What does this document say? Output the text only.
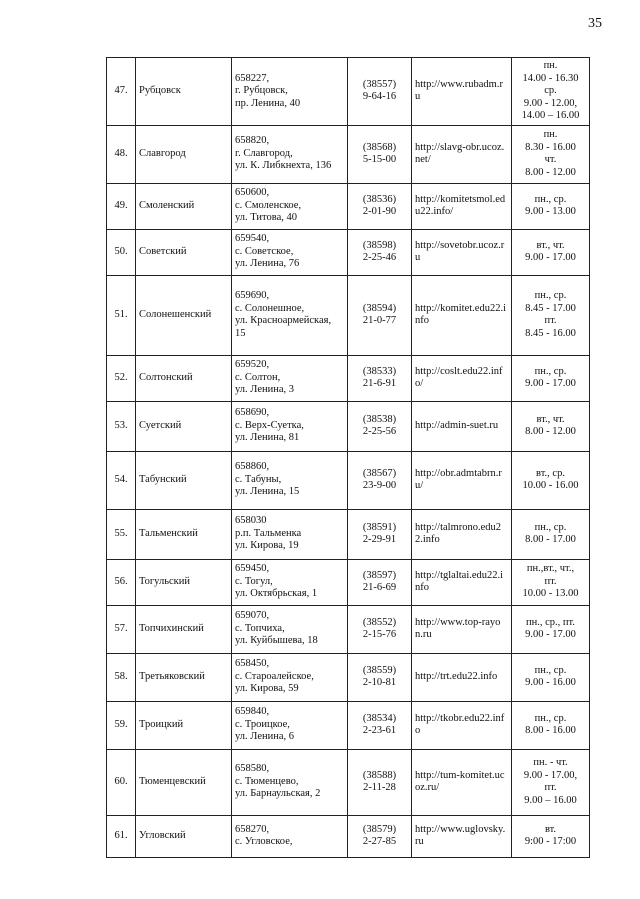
35
47.	Рубцовск	658227,
г. Рубцовск,
пр. Ленина, 40	(38557)
9-64-16	http://www.rubadm.ru	пн.
14.00 - 16.30
ср.
9.00 - 12.00,
14.00 – 16.00

48.	Славгород	658820,
г. Славгород,
ул. К. Либкнехта, 136	(38568)
5-15-00	http://slavg-obr.ucoz.net/	пн.
8.30 - 16.00
чт.
8.00 - 12.00

49.	Смоленский	650600,
с. Смоленское,
ул. Титова, 40	(38536)
2-01-90	http://komitetsmol.edu22.info/	пн., ср.
9.00 - 13.00

50.	Советский	659540,
с. Советское,
ул. Ленина, 76	(38598)
2-25-46	http://sovetobr.ucoz.ru	вт., чт.
9.00 - 17.00

51.	Солонешенский	659690,
с. Солонешное,
ул. Красноармейская,
15	(38594)
21-0-77	http://komitet.edu22.info	пн., ср.
8.45 - 17.00
пт.
8.45 - 16.00

52.	Солтонский	659520,
с. Солтон,
ул. Ленина, 3	(38533)
21-6-91	http://coslt.edu22.info/	пн., ср.
9.00 - 17.00

53.	Суетский	658690,
с. Верх-Суетка,
ул. Ленина, 81	(38538)
2-25-56	http://admin-suet.ru	вт., чт.
8.00 - 12.00

54.	Табунский	658860,
с. Табуны,
ул. Ленина, 15	(38567)
23-9-00	http://obr.admtabrn.ru/	вт., ср.
10.00 - 16.00

55.	Тальменский	658030
р.п. Тальменка
ул. Кирова, 19	(38591)
2-29-91	http://talmrono.edu22.info	пн., ср.
8.00 - 17.00

56.	Тогульский	659450,
с. Тогул,
ул. Октябрьская, 1	(38597)
21-6-69	http://tglaltai.edu22.info	пн.,вт., чт.,
пт.
10.00 - 13.00

57.	Топчихинский	659070,
с. Топчиха,
ул. Куйбышева, 18	(38552)
2-15-76	http://www.top-rayon.ru	пн., ср., пт.
9.00 - 17.00

58.	Третьяковский	658450,
с. Староалейское,
ул. Кирова, 59	(38559)
2-10-81	http://trt.edu22.info	пн., ср.
9.00 - 16.00

59.	Троицкий	659840,
с. Троицкое,
ул. Ленина, 6	(38534)
2-23-61	http://tkobr.edu22.info	пн., ср.
8.00 - 16.00

60.	Тюменцевский	658580,
с. Тюменцево,
ул. Барнаульская, 2	(38588)
2-11-28	http://tum-komitet.ucoz.ru/	пн. - чт.
9.00 - 17.00,
пт.
9.00 – 16.00

61.	Угловский	658270,
с. Угловское,	(38579)
2-27-85	http://www.uglovsky.ru	вт.
9:00 - 17:00
